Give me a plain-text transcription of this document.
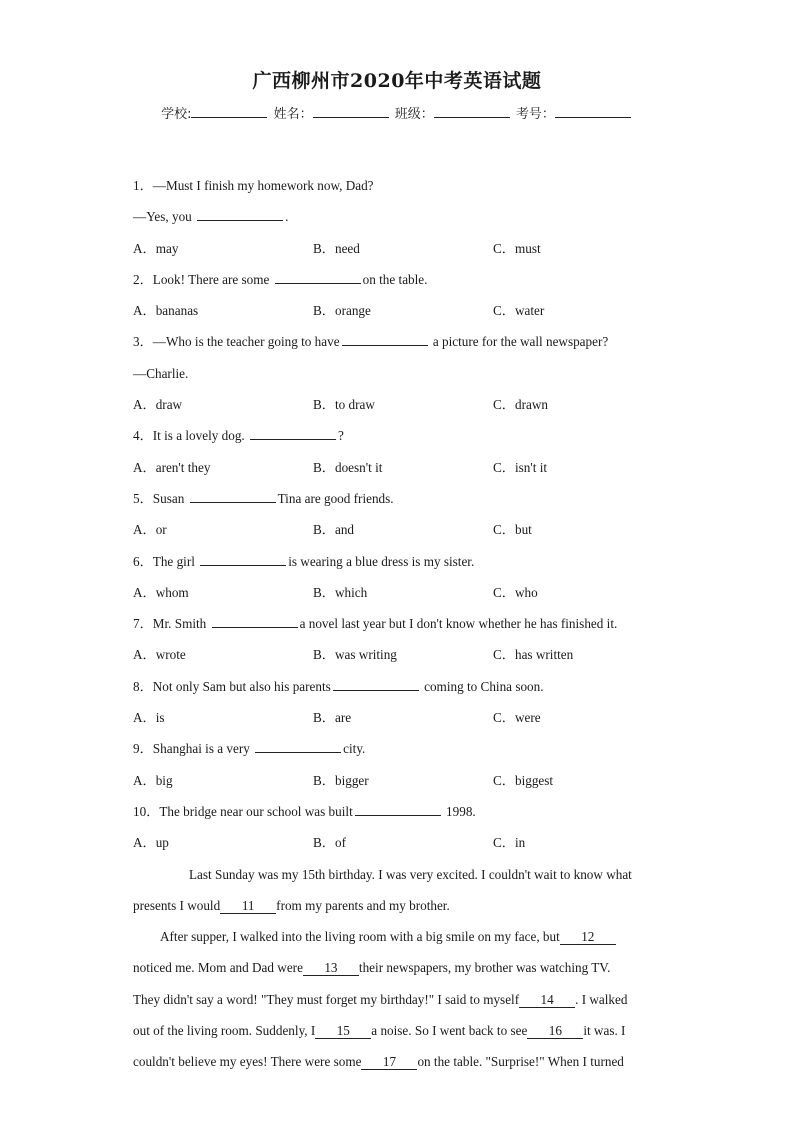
广西柳州市2020年中考英语试题
学校:	姓名：	班级：	考号：
1．—Must I finish my homework now, Dad?
—Yes, you	.
A．may	B．need	C．must
2．Look! There are some	on the table.
A．bananas	B．orange	C．water
3．—Who is the teacher going to have	a picture for the wall newspaper?
—Charlie.
A．draw	B．to draw	C．drawn
4．It is a lovely dog.	?
A．aren't they	B．doesn't it	C．isn't it
5．Susan	Tina are good friends.
A．or	B．and	C．but
6．The girl	is wearing a blue dress is my sister.
A．whom	B．which	C．who
7．Mr. Smith	a novel last year but I don't know whether he has finished it.
A．wrote	B．was writing	C．has written
8．Not only Sam but also his parents	coming to China soon.
A．is	B．are	C．were
9．Shanghai is a very	city.
A．big	B．bigger	C．biggest
10．The bridge near our school was built	1998.
A．up	B．of	C．in
Last Sunday was my 15th birthday. I was very excited. I couldn't wait to know what
presents I would 11 from my parents and my brother.
After supper, I walked into the living room with a big smile on my face, but 12
noticed me. Mom and Dad were 13 their newspapers, my brother was watching TV.
They didn't say a word! "They must forget my birthday!" I said to myself 14 . I walked
out of the living room. Suddenly, I 15 a noise. So I went back to see 16 it was. I
couldn't believe my eyes! There were some 17 on the table. "Surprise!" When I turned
